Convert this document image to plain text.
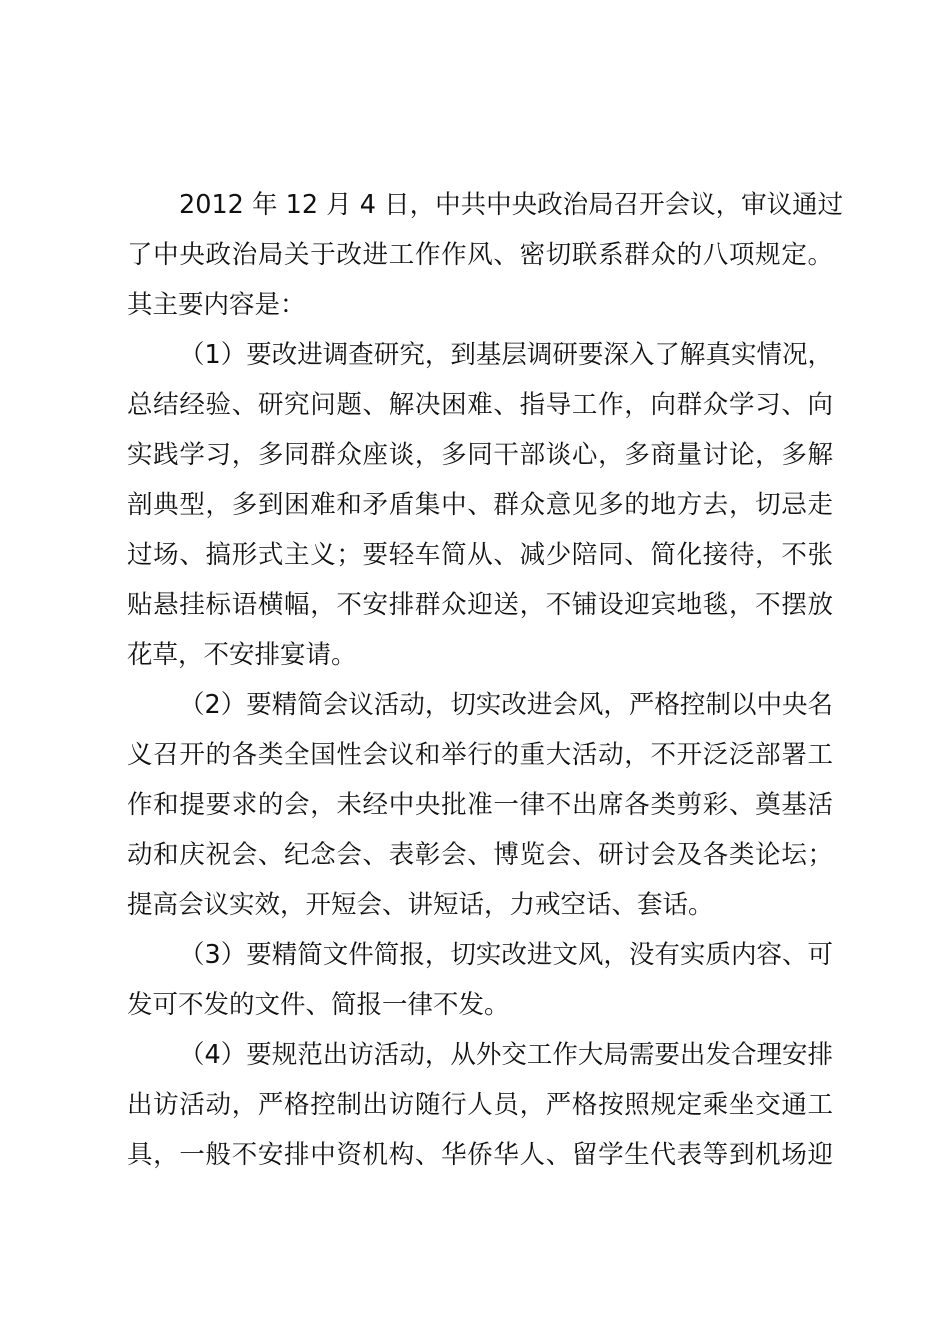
2012 年 12 月 4 日，中共中央政治局召开会议，审议通过
了中央政治局关于改进工作作风、密切联系群众的八项规定。
其主要内容是：
（1）要改进调查研究，到基层调研要深入了解真实情况，
总结经验、研究问题、解决困难、指导工作，向群众学习、向
实践学习，多同群众座谈，多同干部谈心，多商量讨论，多解
剖典型，多到困难和矛盾集中、群众意见多的地方去，切忌走
过场、搞形式主义；要轻车简从、减少陪同、简化接待，不张
贴悬挂标语横幅，不安排群众迎送，不铺设迎宾地毯，不摆放
花草，不安排宴请。
（2）要精简会议活动，切实改进会风，严格控制以中央名
义召开的各类全国性会议和举行的重大活动，不开泛泛部署工
作和提要求的会，未经中央批准一律不出席各类剪彩、奠基活
动和庆祝会、纪念会、表彰会、博览会、研讨会及各类论坛；
提高会议实效，开短会、讲短话，力戒空话、套话。
（3）要精简文件简报，切实改进文风，没有实质内容、可
发可不发的文件、简报一律不发。
（4）要规范出访活动，从外交工作大局需要出发合理安排
出访活动，严格控制出访随行人员，严格按照规定乘坐交通工
具，一般不安排中资机构、华侨华人、留学生代表等到机场迎
